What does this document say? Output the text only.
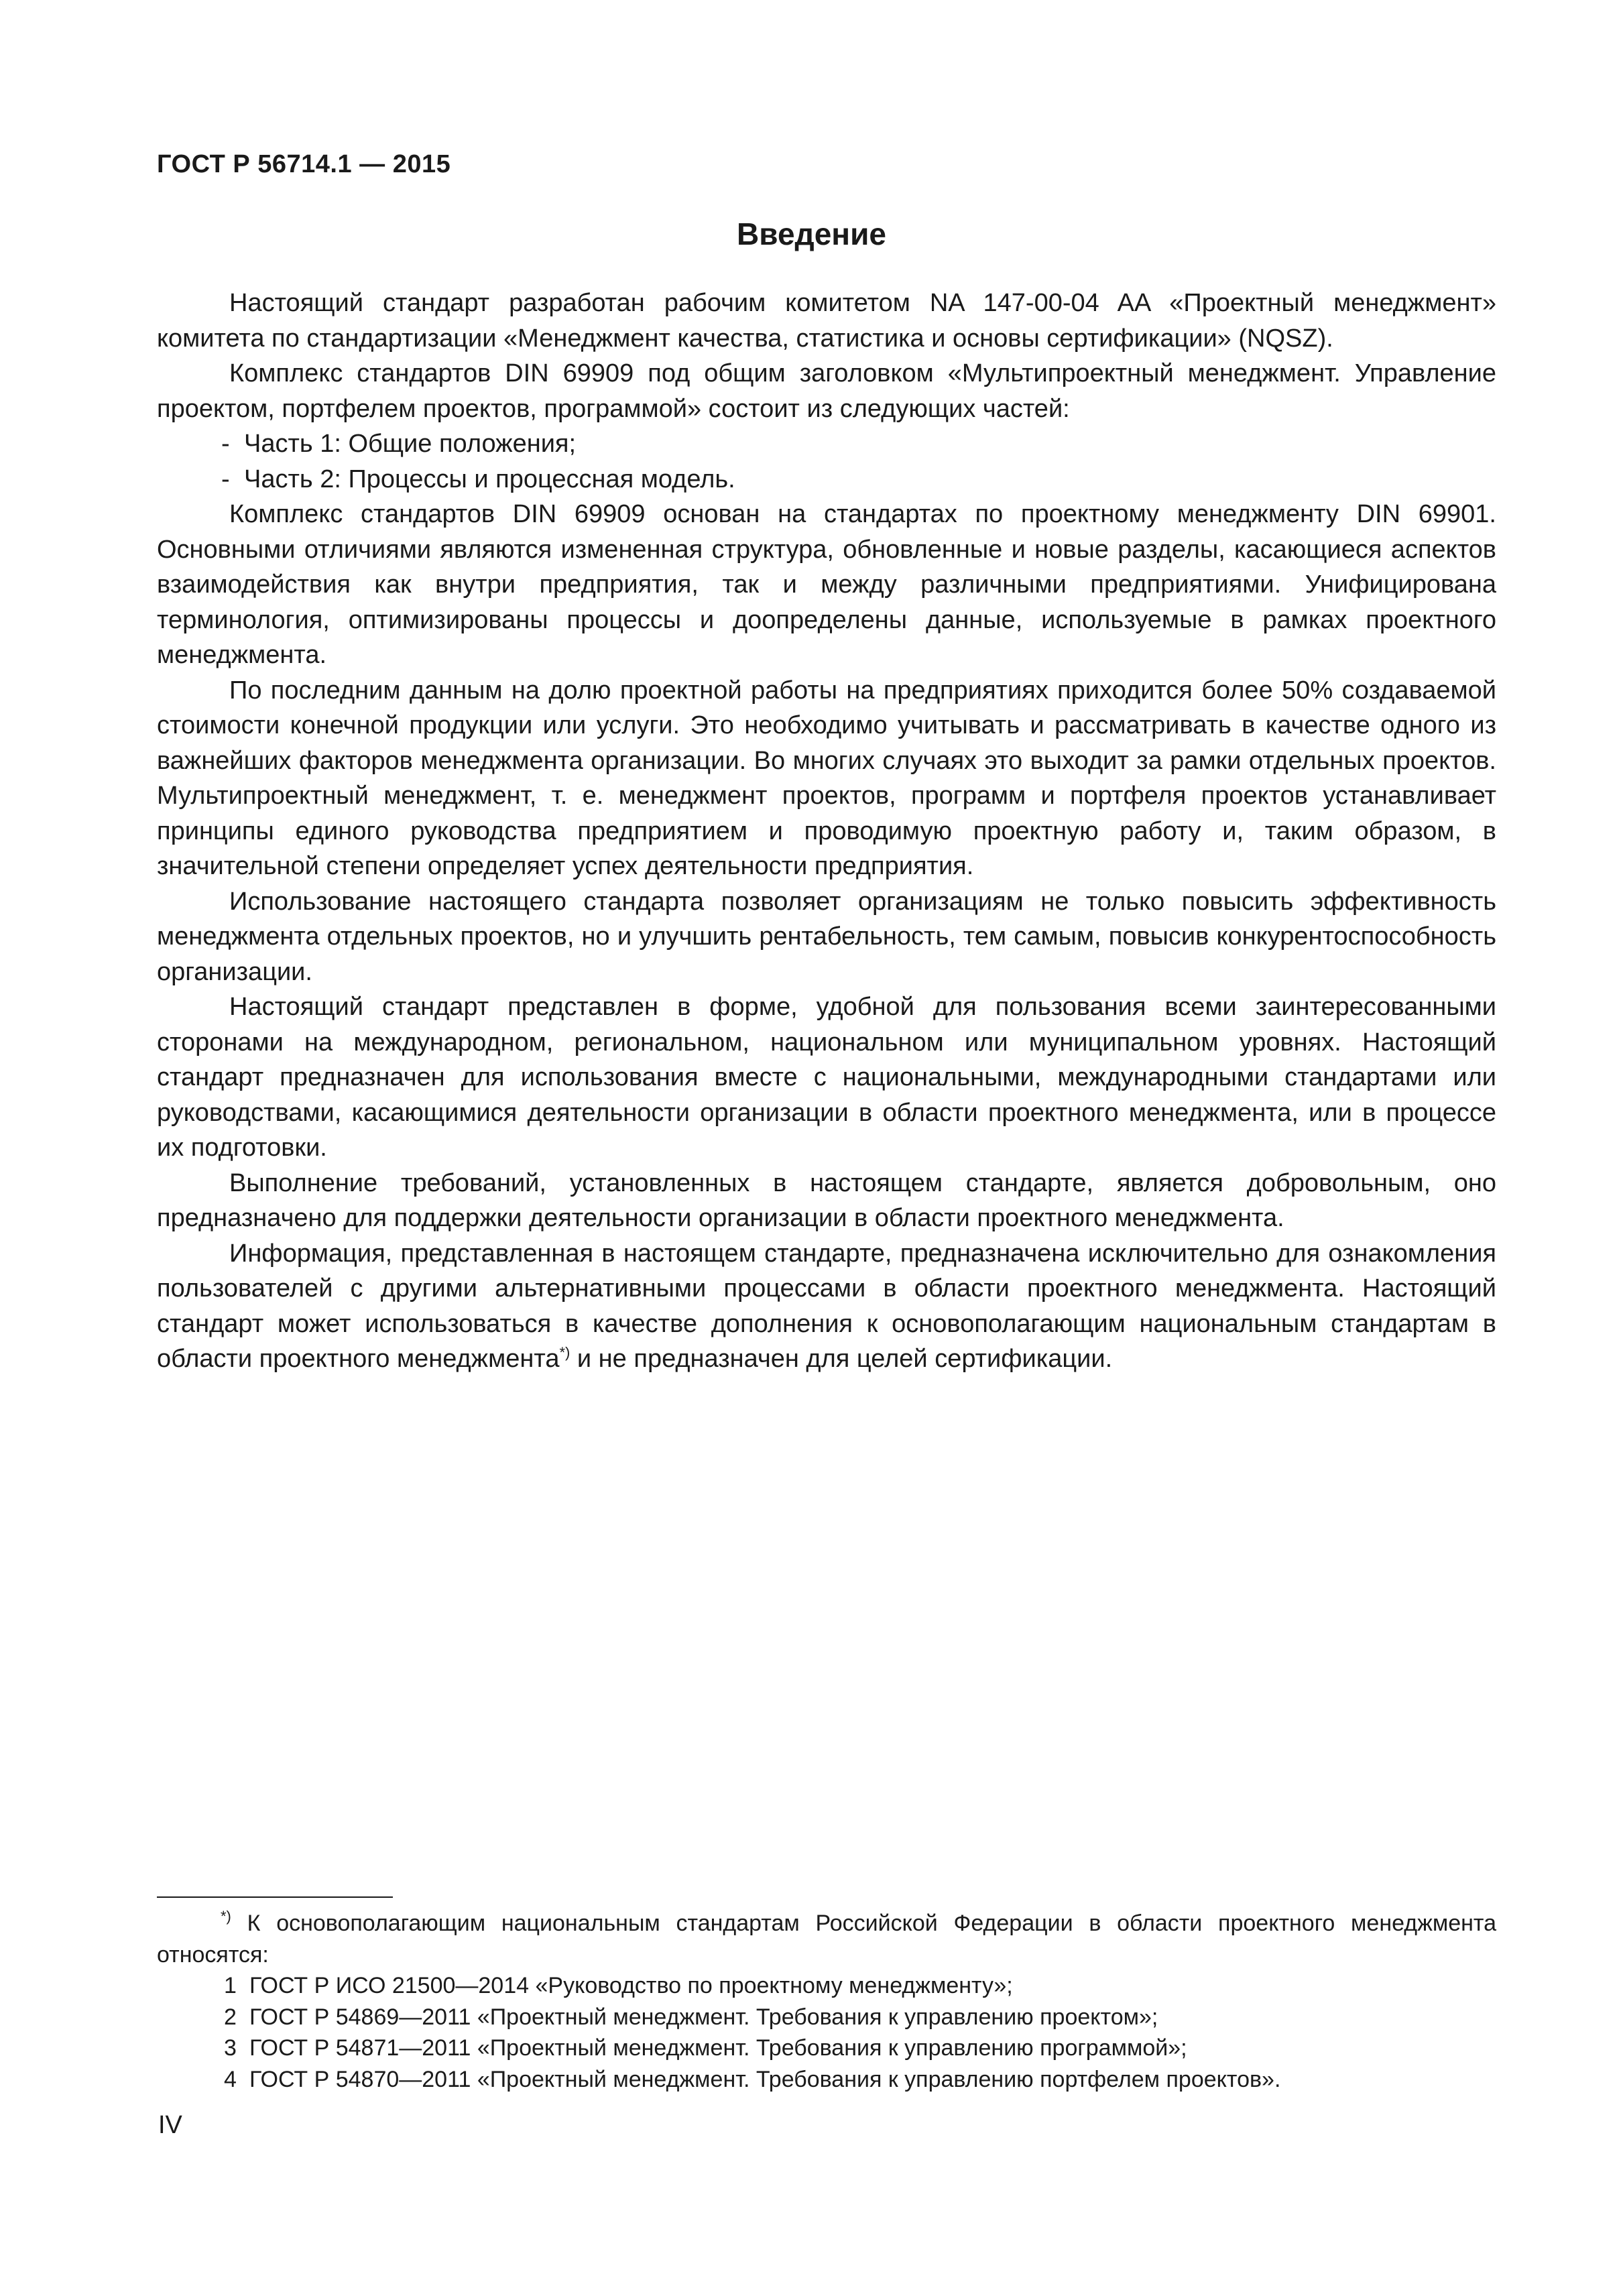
ГОСТ Р 56714.1 — 2015
Введение

Настоящий стандарт разработан рабочим комитетом NA 147-00-04 AA «Проектный менеджмент» комитета по стандартизации «Менеджмент качества, статистика и основы сертификации» (NQSZ).

Комплекс стандартов DIN 69909 под общим заголовком «Мультипроектный менеджмент. Управление проектом, портфелем проектов, программой» состоит из следующих частей:

- Часть 1: Общие положения;

- Часть 2: Процессы и процессная модель.

Комплекс стандартов DIN 69909 основан на стандартах по проектному менеджменту DIN 69901. Основными отличиями являются измененная структура, обновленные и новые разделы, касающиеся аспектов взаимодействия как внутри предприятия, так и между различными предприятиями. Унифицирована терминология, оптимизированы процессы и доопределены данные, используемые в рамках проектного менеджмента.

По последним данным на долю проектной работы на предприятиях приходится более 50% создаваемой стоимости конечной продукции или услуги. Это необходимо учитывать и рассматривать в качестве одного из важнейших факторов менеджмента организации. Во многих случаях это выходит за рамки отдельных проектов. Мультипроектный менеджмент, т. е. менеджмент проектов, программ и портфеля проектов устанавливает принципы единого руководства предприятием и проводимую проектную работу и, таким образом, в значительной степени определяет успех деятельности предприятия.

Использование настоящего стандарта позволяет организациям не только повысить эффективность менеджмента отдельных проектов, но и улучшить рентабельность, тем самым, повысив конкурентоспособность организации.

Настоящий стандарт представлен в форме, удобной для пользования всеми заинтересованными сторонами на международном, региональном, национальном или муниципальном уровнях. Настоящий стандарт предназначен для использования вместе с национальными, международными стандартами или руководствами, касающимися деятельности организации в области проектного менеджмента, или в процессе их подготовки.

Выполнение требований, установленных в настоящем стандарте, является добровольным, оно предназначено для поддержки деятельности организации в области проектного менеджмента.

Информация, представленная в настоящем стандарте, предназначена исключительно для ознакомления пользователей с другими альтернативными процессами в области проектного менеджмента. Настоящий стандарт может использоваться в качестве дополнения к основополагающим национальным стандартам в области проектного менеджмента*) и не предназначен для целей сертификации.

*) К основополагающим национальным стандартам Российской Федерации в области проектного менеджмента относятся:

1 ГОСТ Р ИСО 21500—2014 «Руководство по проектному менеджменту»;

2 ГОСТ Р 54869—2011 «Проектный менеджмент. Требования к управлению проектом»;

3 ГОСТ Р 54871—2011 «Проектный менеджмент. Требования к управлению программой»;

4 ГОСТ Р 54870—2011 «Проектный менеджмент. Требования к управлению портфелем проектов».

IV
